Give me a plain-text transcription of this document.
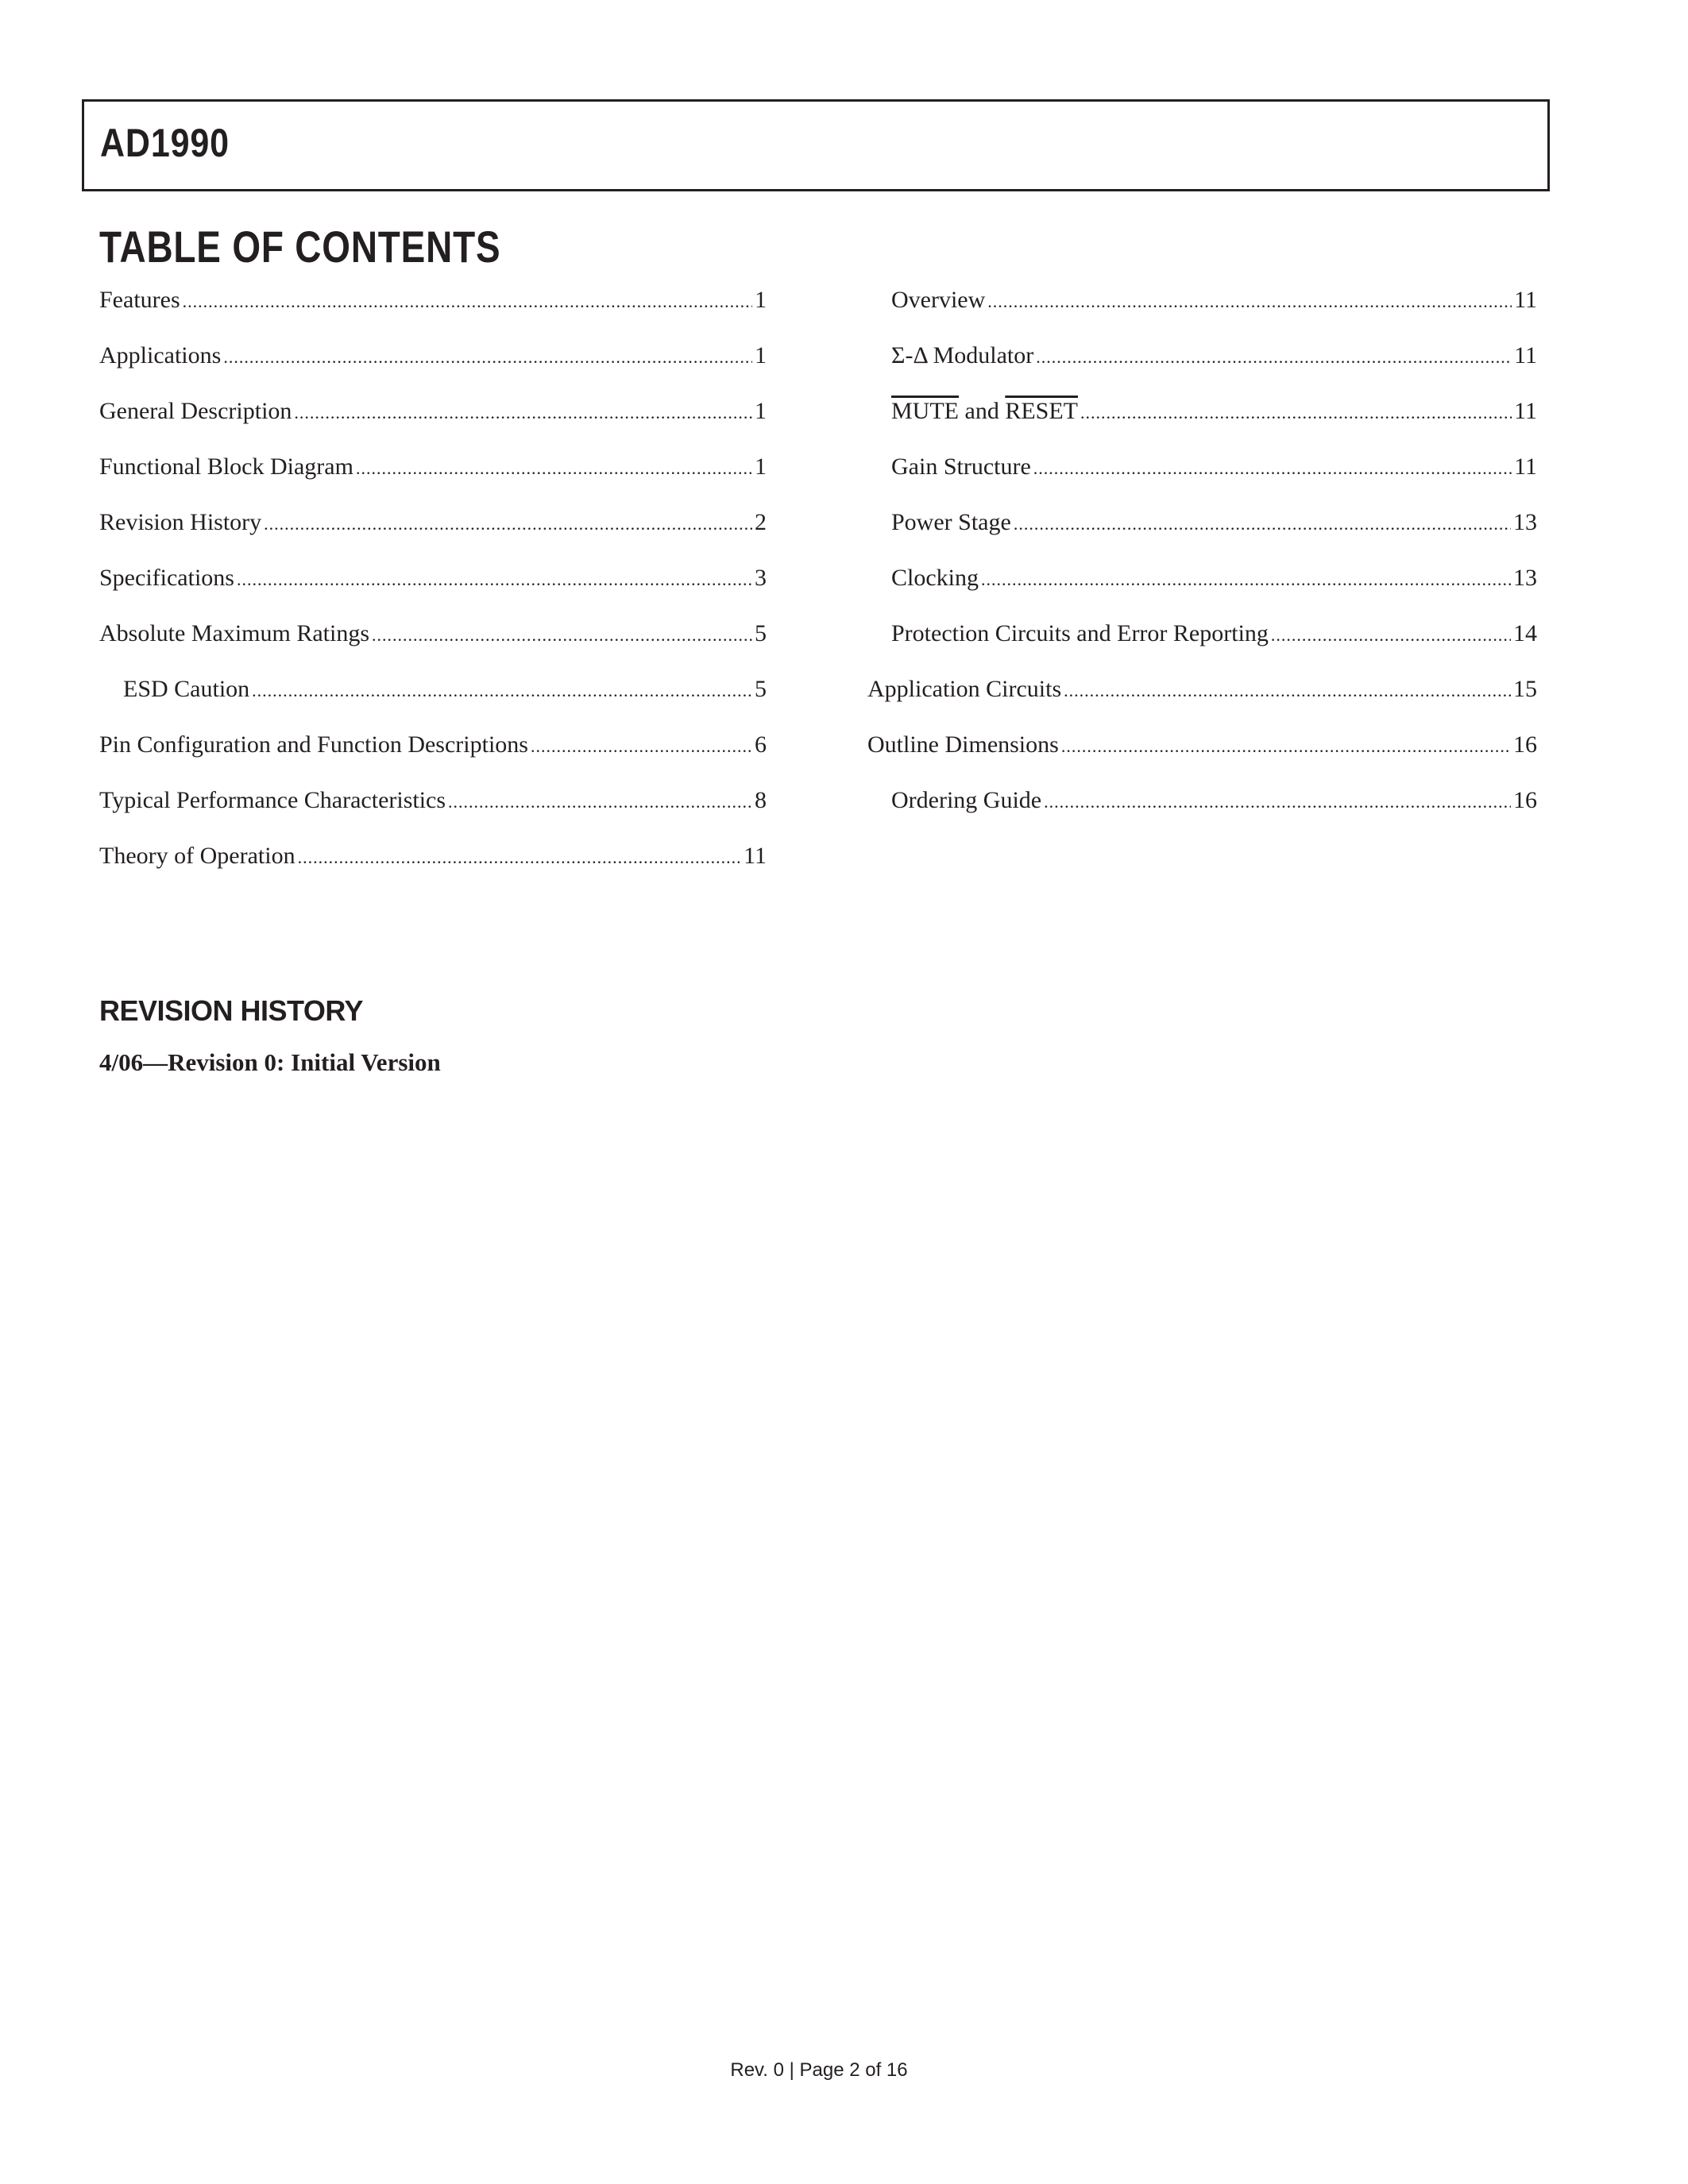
AD1990
TABLE OF CONTENTS
Features .....	1
Applications .....	1
General Description .....	1
Functional Block Diagram .....	1
Revision History .....	2
Specifications .....	3
Absolute Maximum Ratings .....	5
ESD Caution .....	5
Pin Configuration and Function Descriptions .....	6
Typical Performance Characteristics .....	8
Theory of Operation .....	11
Overview .....	11
Σ-Δ Modulator .....	11
MUTE and RESET .....	11
Gain Structure .....	11
Power Stage .....	13
Clocking .....	13
Protection Circuits and Error Reporting .....	14
Application Circuits .....	15
Outline Dimensions .....	16
Ordering Guide .....	16
REVISION HISTORY
4/06—Revision 0: Initial Version
Rev. 0 | Page 2 of 16
